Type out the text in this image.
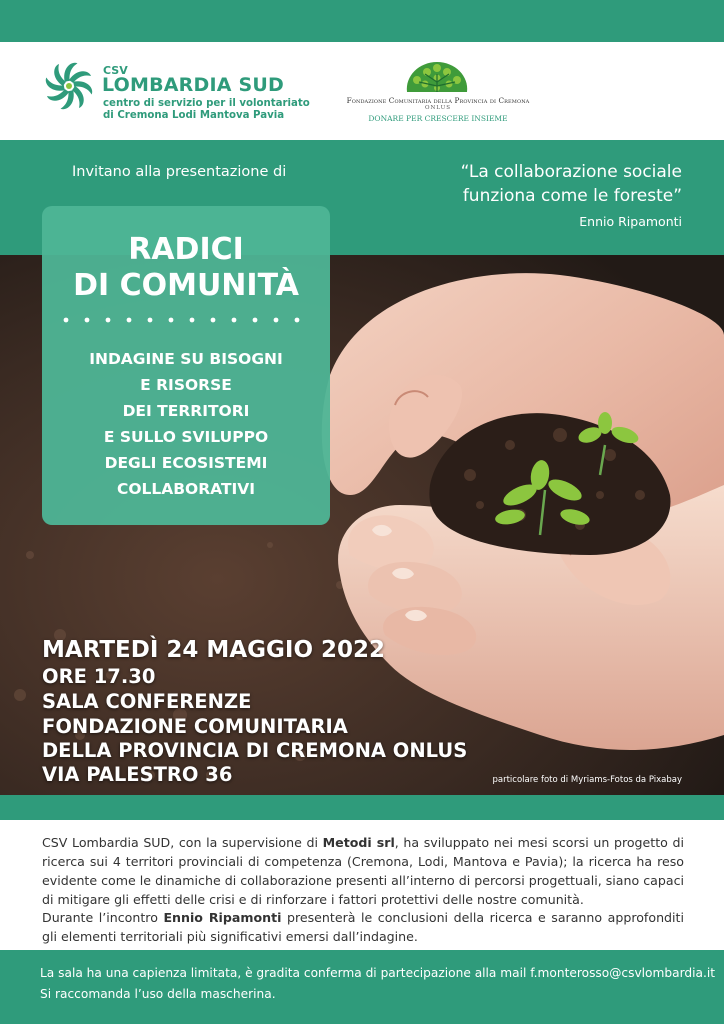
CSV
LOMBARDIA SUD
centro di servizio per il volontariato
di Cremona Lodi Mantova Pavia
Fondazione Comunitaria della Provincia di Cremona
ONLUS
DONARE PER CRESCERE INSIEME
Invitano alla presentazione di	“La collaborazione sociale
funziona come le foreste”
Ennio Ripamonti
RADICI
DI COMUNITÀ
INDAGINE SU BISOGNI
E RISORSE
DEI TERRITORI
E SULLO SVILUPPO
DEGLI ECOSISTEMI
COLLABORATIVI
MARTEDÌ 24 MAGGIO 2022
ORE 17.30
SALA CONFERENZE
FONDAZIONE COMUNITARIA
DELLA PROVINCIA DI CREMONA ONLUS
VIA PALESTRO 36	particolare foto di Myriams-Fotos da Pixabay
CSV Lombardia SUD, con la supervisione di Metodi srl, ha sviluppato nei mesi scorsi un progetto di ricerca sui 4 territori provinciali di competenza (Cremona, Lodi, Mantova e Pavia); la ricerca ha reso evidente come le dinamiche di collaborazione presenti all’interno di percorsi progettuali, siano capaci di mitigare gli effetti delle crisi e di rinforzare i fattori protettivi delle nostre comunità.
Durante l’incontro Ennio Ripamonti presenterà le conclusioni della ricerca e saranno approfonditi gli elementi territoriali più significativi emersi dall’indagine.
La sala ha una capienza limitata, è gradita conferma di partecipazione alla mail f.monterosso@csvlombardia.it
Si raccomanda l’uso della mascherina.
